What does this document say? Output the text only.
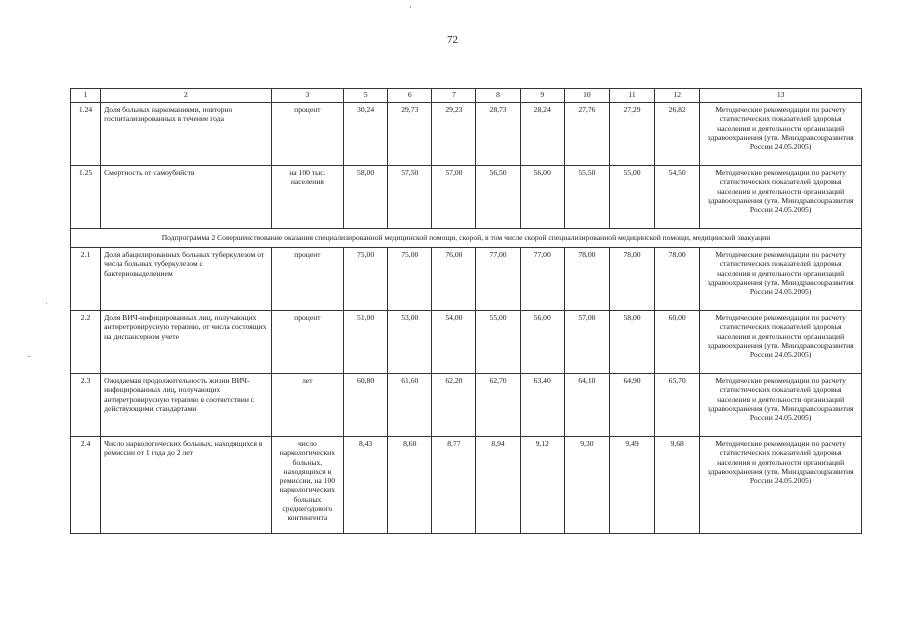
72
1	2	3	5	6	7	8	9	10	11	12	13
1.24	Доля больных наркоманиями, повторно госпитализированных в течение года	процент	30,24	29,73	29,23	28,73	28,24	27,76	27,29	26,82	Методические рекомендации по расчету статистических показателей здоровья населения и деятельности организаций здравоохранения (утв. Минздравсоцразвития России 24.05.2005)
1.25	Смертность от самоубийств	на 100 тыс. населения	58,00	57,50	57,00	56,50	56,00	55,50	55,00	54,50	Методические рекомендации по расчету статистических показателей здоровья населения и деятельности организаций здравоохранения (утв. Минздравсоцразвития России 24.05.2005)
Подпрограмма 2 Совершенствование оказания специализированной медицинской помощи, скорой, в том числе скорой специализированной медицинской помощи, медицинской эвакуации											
2.1	Доля абацилированных больных туберкулезом от числа больных туберкулезом с бактериовыделением	процент	75,00	75,00	76,00	77,00	77,00	78,00	78,00	78,00	Методические рекомендации по расчету статистических показателей здоровья населения и деятельности организаций здравоохранения (утв. Минздравсоцразвития России 24.05.2005)
2.2	Доля ВИЧ-инфицированных лиц, получающих антиретровирусную терапию, от числа состоящих на диспансерном учете	процент	51,00	53,00	54,00	55,00	56,00	57,00	58,00	60,00	Методические рекомендации по расчету статистических показателей здоровья населения и деятельности организаций здравоохранения (утв. Минздравсоцразвития России 24.05.2005)
2.3	Ожидаемая продолжительность жизни ВИЧ-инфицированных лиц, получающих антиретровирусную терапию в соответствии с действующими стандартами	лет	60,80	61,60	62,20	62,70	63,40	64,10	64,90	65,70	Методические рекомендации по расчету статистических показателей здоровья населения и деятельности организаций здравоохранения (утв. Минздравсоцразвития России 24.05.2005)
2.4	Число наркологических больных, находящихся в ремиссии от 1 года до 2 лет	число наркологических больных, находящихся в ремиссии, на 100 наркологических больных среднегодового контингента	8,43	8,60	8,77	8,94	9,12	9,30	9,49	9,68	Методические рекомендации по расчету статистических показателей здоровья населения и деятельности организаций здравоохранения (утв. Минздравсоцразвития России 24.05.2005)
